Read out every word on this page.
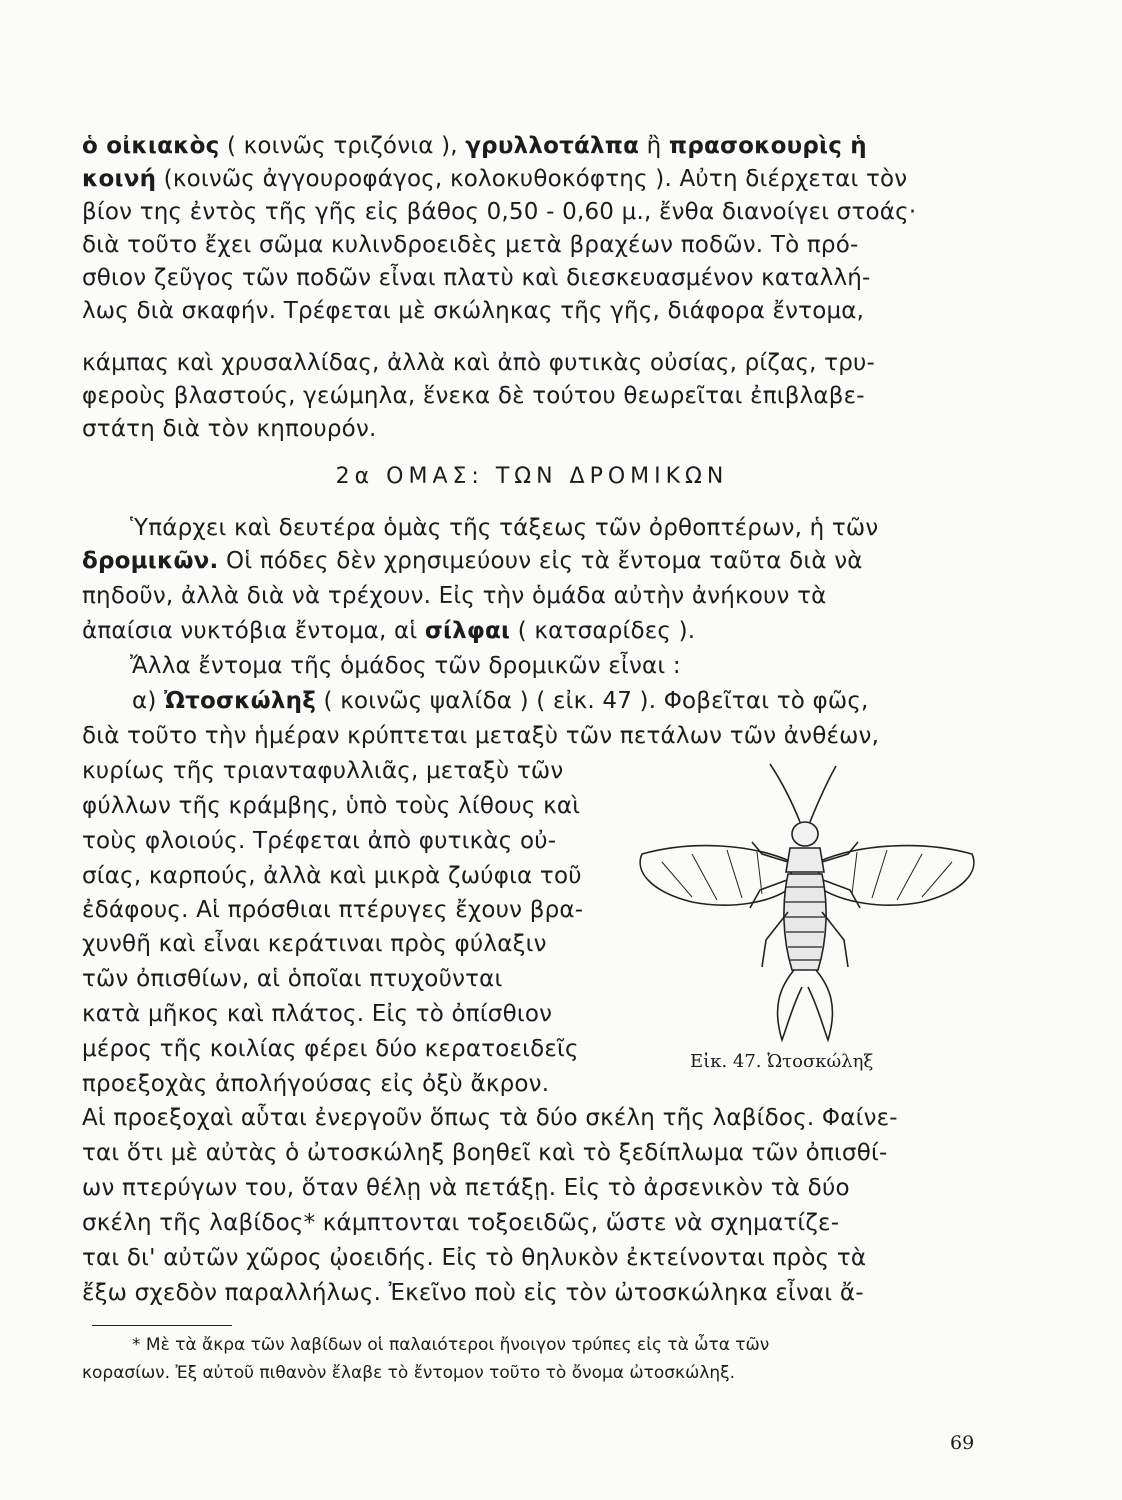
ὁ οἰκιακὸς ( κοινῶς τριζόνια ), γρυλλοτάλπα ἢ πρασοκουρὶς ἡ
κοινή (κοινῶς ἀγγουροφάγος, κολοκυθοκόφτης ). Αὐτη διέρχεται τὸν
βίον της ἐντὸς τῆς γῆς εἰς βάθος 0,50 - 0,60 μ., ἔνθα διανοίγει στοάς·
διὰ τοῦτο ἔχει σῶμα κυλινδροειδὲς μετὰ βραχέων ποδῶν. Τὸ πρό-
σθιον ζεῦγος τῶν ποδῶν εἶναι πλατὺ καὶ διεσκευασμένον καταλλή-
λως διὰ σκαφήν. Τρέφεται μὲ σκώληκας τῆς γῆς, διάφορα ἔντομα,
κάμπας καὶ χρυσαλλίδας, ἀλλὰ καὶ ἀπὸ φυτικὰς οὐσίας, ρίζας, τρυ-
φεροὺς βλαστούς, γεώμηλα, ἕνεκα δὲ τούτου θεωρεῖται ἐπιβλαβε-
στάτη διὰ τὸν κηπουρόν.
2α ΟΜΑΣ: ΤΩΝ ΔΡΟΜΙΚΩΝ
Ὑπάρχει καὶ δευτέρα ὁμὰς τῆς τάξεως τῶν ὀρθοπτέρων, ἡ τῶν
δρομικῶν. Οἱ πόδες δὲν χρησιμεύουν εἰς τὰ ἔντομα ταῦτα διὰ νὰ
πηδοῦν, ἀλλὰ διὰ νὰ τρέχουν. Εἰς τὴν ὁμάδα αὐτὴν ἀνήκουν τὰ
ἀπαίσια νυκτόβια ἔντομα, αἱ σίλφαι ( κατσαρίδες ).
Ἄλλα ἔντομα τῆς ὁμάδος τῶν δρομικῶν εἶναι :
α) Ὠτοσκώληξ ( κοινῶς ψαλίδα ) ( εἰκ. 47 ). Φοβεῖται τὸ φῶς,
διὰ τοῦτο τὴν ἡμέραν κρύπτεται μεταξὺ τῶν πετάλων τῶν ἀνθέων,
κυρίως τῆς τριανταφυλλιᾶς, μεταξὺ τῶν
φύλλων τῆς κράμβης, ὑπὸ τοὺς λίθους καὶ
τοὺς φλοιούς. Τρέφεται ἀπὸ φυτικὰς οὐ-
σίας, καρπούς, ἀλλὰ καὶ μικρὰ ζωύφια τοῦ
ἐδάφους. Αἱ πρόσθιαι πτέρυγες ἔχουν βρα-
χυνθῆ καὶ εἶναι κεράτιναι πρὸς φύλαξιν
τῶν ὀπισθίων, αἱ ὁποῖαι πτυχοῦνται
κατὰ μῆκος καὶ πλάτος. Εἰς τὸ ὀπίσθιον
μέρος τῆς κοιλίας φέρει δύο κερατοειδεῖς
προεξοχὰς ἀπολήγούσας εἰς ὀξὺ ἄκρον.
Αἱ προεξοχαὶ αὗται ἐνεργοῦν ὅπως τὰ δύο σκέλη τῆς λαβίδος. Φαίνε-
ται ὅτι μὲ αὐτὰς ὁ ὠτοσκώληξ βοηθεῖ καὶ τὸ ξεδίπλωμα τῶν ὀπισθί-
ων πτερύγων του, ὅταν θέλῃ νὰ πετάξῃ. Εἰς τὸ ἀρσενικὸν τὰ δύο
σκέλη τῆς λαβίδος* κάμπτονται τοξοειδῶς, ὥστε νὰ σχηματίζε-
ται δι' αὐτῶν χῶρος ᾠοειδής. Εἰς τὸ θηλυκὸν ἐκτείνονται πρὸς τὰ
ἔξω σχεδὸν παραλλήλως. Ἐκεῖνο ποὺ εἰς τὸν ὠτοσκώληκα εἶναι ἄ-
Εἰκ. 47. Ὠτοσκώληξ
* Μὲ τὰ ἄκρα τῶν λαβίδων οἱ παλαιότεροι ἤνοιγον τρύπες εἰς τὰ ὦτα τῶν
κορασίων. Ἐξ αὐτοῦ πιθανὸν ἔλαβε τὸ ἔντομον τοῦτο τὸ ὄνομα ὠτοσκώληξ.
69
